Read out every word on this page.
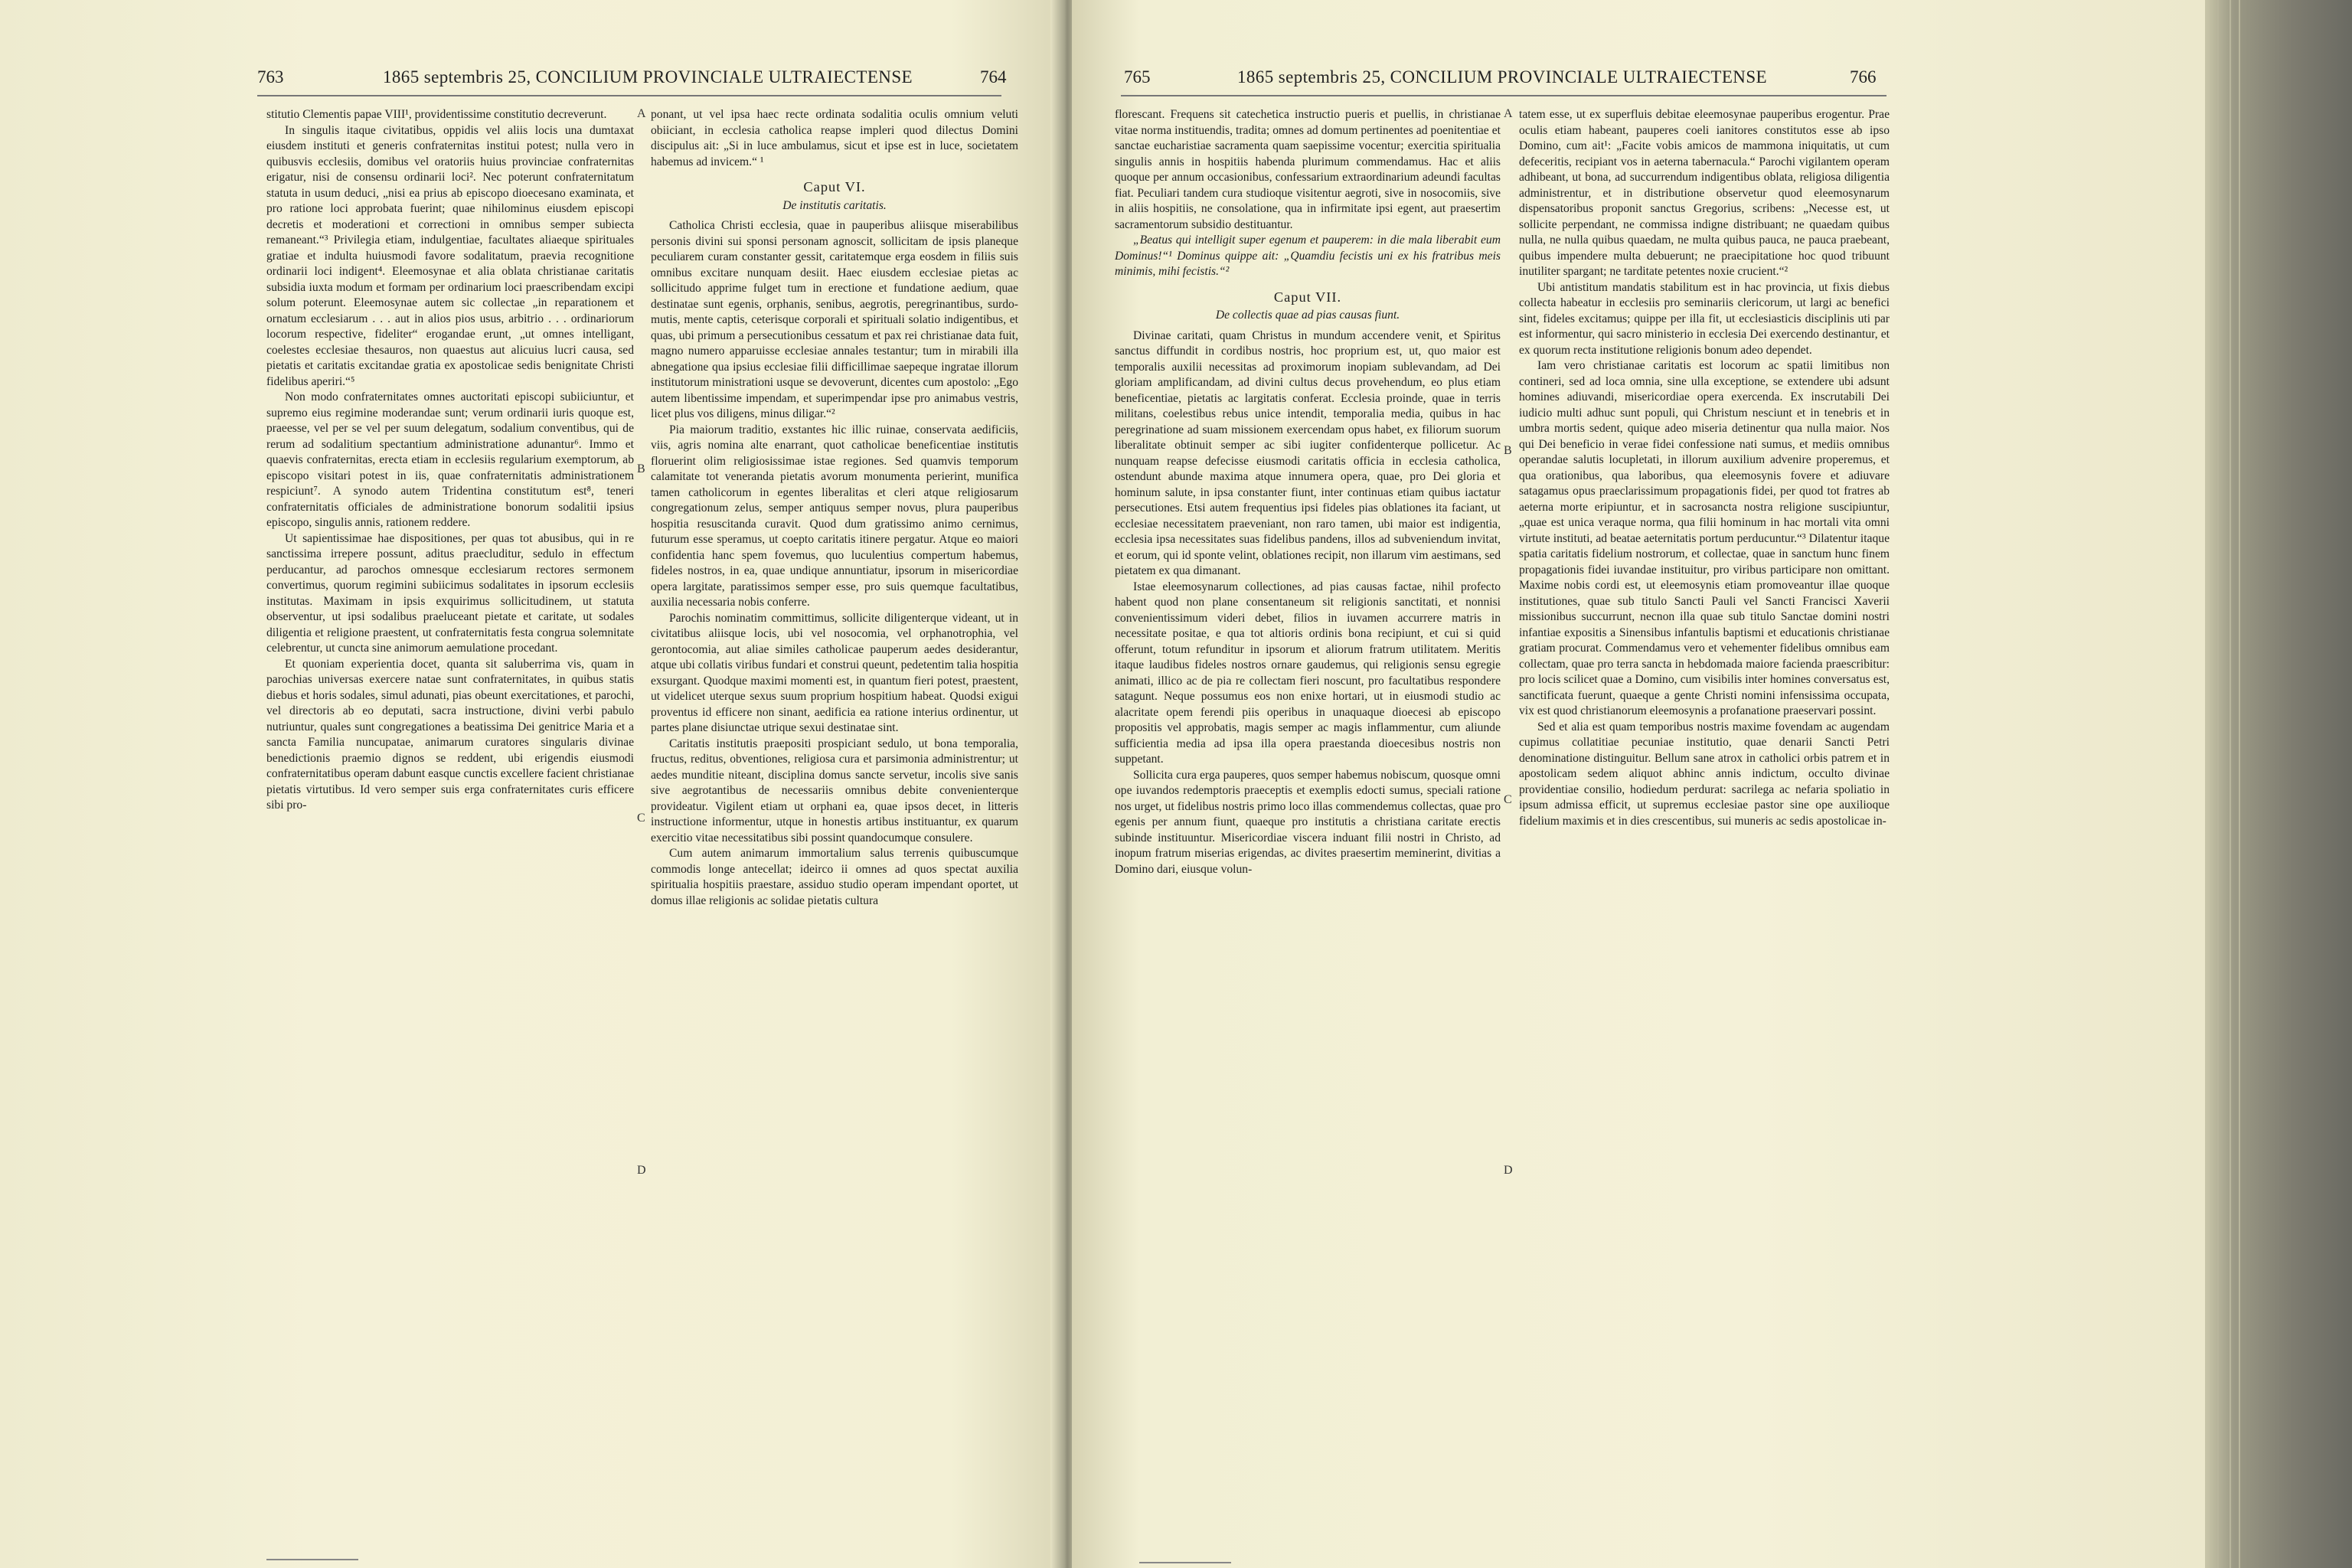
763	1865 septembris 25, CONCILIUM PROVINCIALE ULTRAIECTENSE	764

stitutio Clementis papae VIII¹, providentissime constitutio decreverunt.

In singulis itaque civitatibus, oppidis vel aliis locis una dumtaxat eiusdem instituti et generis confraternitas institui potest; nulla vero in quibusvis ecclesiis, domibus vel oratoriis huius provinciae confraternitas erigatur, nisi de consensu ordinarii loci². Nec poterunt confraternitatum statuta in usum deduci, „nisi ea prius ab episcopo dioecesano examinata, et pro ratione loci approbata fuerint; quae nihilominus eiusdem episcopi decretis et moderationi et correctioni in omnibus semper subiecta remaneant.“³ Privilegia etiam, indulgentiae, facultates aliaeque spirituales gratiae et indulta huiusmodi favore sodalitatum, praevia recognitione ordinarii loci indigent⁴. Eleemosynae et alia oblata christianae caritatis subsidia iuxta modum et formam per ordinarium loci praescribendam excipi solum poterunt. Eleemosynae autem sic collectae „in reparationem et ornatum ecclesiarum . . . aut in alios pios usus, arbitrio . . . ordinariorum locorum respective, fideliter“ erogandae erunt, „ut omnes intelligant, coelestes ecclesiae thesauros, non quaestus aut alicuius lucri causa, sed pietatis et caritatis excitandae gratia ex apostolicae sedis benignitate Christi fidelibus aperiri.“⁵

Non modo confraternitates omnes auctoritati episcopi subiiciuntur, et supremo eius regimine moderandae sunt; verum ordinarii iuris quoque est, praeesse, vel per se vel per suum delegatum, sodalium conventibus, qui de rerum ad sodalitium spectantium administratione adunantur⁶. Immo et quaevis confraternitas, erecta etiam in ecclesiis regularium exemptorum, ab episcopo visitari potest in iis, quae confraternitatis administrationem respiciunt⁷. A synodo autem Tridentina constitutum est⁸, teneri confraternitatis officiales de administratione bonorum sodalitii ipsius episcopo, singulis annis, rationem reddere.

Ut sapientissimae hae dispositiones, per quas tot abusibus, qui in re sanctissima irrepere possunt, aditus praecluditur, sedulo in effectum perducantur, ad parochos omnesque ecclesiarum rectores sermonem convertimus, quorum regimini subiicimus sodalitates in ipsorum ecclesiis institutas. Maximam in ipsis exquirimus sollicitudinem, ut statuta observentur, ut ipsi sodalibus praeluceant pietate et caritate, ut sodales diligentia et religione praestent, ut confraternitatis festa congrua solemnitate celebrentur, ut cuncta sine animorum aemulatione procedant.

Et quoniam experientia docet, quanta sit saluberrima vis, quam in parochias universas exercere natae sunt confraternitates, in quibus statis diebus et horis sodales, simul adunati, pias obeunt exercitationes, et parochi, vel directoris ab eo deputati, sacra instructione, divini verbi pabulo nutriuntur, quales sunt congregationes a beatissima Dei genitrice Maria et a sancta Familia nuncupatae, animarum curatores singularis divinae benedictionis praemio dignos se reddent, ubi erigendis eiusmodi confraternitatibus operam dabunt easque cunctis excellere facient christianae pietatis virtutibus. Id vero semper suis erga confraternitates curis efficere sibi pro-

A
B
C
D

ponant, ut vel ipsa haec recte ordinata sodalitia oculis omnium veluti obiiciant, in ecclesia catholica reapse impleri quod dilectus Domini discipulus ait: „Si in luce ambulamus, sicut et ipse est in luce, societatem habemus ad invicem.“ ¹

Caput VI.
De institutis caritatis.

Catholica Christi ecclesia, quae in pauperibus aliisque miserabilibus personis divini sui sponsi personam agnoscit, sollicitam de ipsis planeque peculiarem curam constanter gessit, caritatemque erga eosdem in filiis suis omnibus excitare nunquam desiit. Haec eiusdem ecclesiae pietas ac sollicitudo apprime fulget tum in erectione et fundatione aedium, quae destinatae sunt egenis, orphanis, senibus, aegrotis, peregrinantibus, surdo-mutis, mente captis, ceterisque corporali et spirituali solatio indigentibus, et quas, ubi primum a persecutionibus cessatum et pax rei christianae data fuit, magno numero apparuisse ecclesiae annales testantur; tum in mirabili illa abnegatione qua ipsius ecclesiae filii difficillimae saepeque ingratae illorum institutorum ministrationi usque se devoverunt, dicentes cum apostolo: „Ego autem libentissime impendam, et superimpendar ipse pro animabus vestris, licet plus vos diligens, minus diligar.“²

Pia maiorum traditio, exstantes hic illic ruinae, conservata aedificiis, viis, agris nomina alte enarrant, quot catholicae beneficentiae institutis floruerint olim religiosissimae istae regiones. Sed quamvis temporum calamitate tot veneranda pietatis avorum monumenta perierint, munifica tamen catholicorum in egentes liberalitas et cleri atque religiosarum congregationum zelus, semper antiquus semper novus, plura pauperibus hospitia resuscitanda curavit. Quod dum gratissimo animo cernimus, futurum esse speramus, ut coepto caritatis itinere pergatur. Atque eo maiori confidentia hanc spem fovemus, quo luculentius compertum habemus, fideles nostros, in ea, quae undique annuntiatur, ipsorum in misericordiae opera largitate, paratissimos semper esse, pro suis quemque facultatibus, auxilia necessaria nobis conferre.

Parochis nominatim committimus, sollicite diligenterque videant, ut in civitatibus aliisque locis, ubi vel nosocomia, vel orphanotrophia, vel gerontocomia, aut aliae similes catholicae pauperum aedes desiderantur, atque ubi collatis viribus fundari et construi queunt, pedetentim talia hospitia exsurgant. Quodque maximi momenti est, in quantum fieri potest, praestent, ut videlicet uterque sexus suum proprium hospitium habeat. Quodsi exigui proventus id efficere non sinant, aedificia ea ratione interius ordinentur, ut partes plane disiunctae utrique sexui destinatae sint.

Caritatis institutis praepositi prospiciant sedulo, ut bona temporalia, fructus, reditus, obventiones, religiosa cura et parsimonia administrentur; ut aedes munditie niteant, disciplina domus sancte servetur, incolis sive sanis sive aegrotantibus de necessariis omnibus debite convenienterque provideatur. Vigilent etiam ut orphani ea, quae ipsos decet, in litteris instructione informentur, utque in honestis artibus instituantur, ex quarum exercitio vitae necessitatibus sibi possint quandocumque consulere.

Cum autem animarum immortalium salus terrenis quibuscumque commodis longe antecellat; ideirco ii omnes ad quos spectat auxilia spiritualia hospitiis praestare, assiduo studio operam impendant oportet, ut domus illae religionis ac solidae pietatis cultura

765	1865 septembris 25, CONCILIUM PROVINCIALE ULTRAIECTENSE	766

florescant. Frequens sit catechetica instructio pueris et puellis, in christianae vitae norma instituendis, tradita; omnes ad domum pertinentes ad poenitentiae et sanctae eucharistiae sacramenta quam saepissime vocentur; exercitia spiritualia singulis annis in hospitiis habenda plurimum commendamus. Hac et aliis quoque per annum occasionibus, confessarium extraordinarium adeundi facultas fiat. Peculiari tandem cura studioque visitentur aegroti, sive in nosocomiis, sive in aliis hospitiis, ne consolatione, qua in infirmitate ipsi egent, aut praesertim sacramentorum subsidio destituantur.

„Beatus qui intelligit super egenum et pauperem: in die mala liberabit eum Dominus!“¹ Dominus quippe ait: „Quamdiu fecistis uni ex his fratribus meis minimis, mihi fecistis.“²

Caput VII.
De collectis quae ad pias causas fiunt.

Divinae caritati, quam Christus in mundum accendere venit, et Spiritus sanctus diffundit in cordibus nostris, hoc proprium est, ut, quo maior est temporalis auxilii necessitas ad proximorum inopiam sublevandam, ad Dei gloriam amplificandam, ad divini cultus decus provehendum, eo plus etiam beneficentiae, pietatis ac largitatis conferat. Ecclesia proinde, quae in terris militans, coelestibus rebus unice intendit, temporalia media, quibus in hac peregrinatione ad suam missionem exercendam opus habet, ex filiorum suorum liberalitate obtinuit semper ac sibi iugiter confidenterque pollicetur. Ac nunquam reapse defecisse eiusmodi caritatis officia in ecclesia catholica, ostendunt abunde maxima atque innumera opera, quae, pro Dei gloria et hominum salute, in ipsa constanter fiunt, inter continuas etiam quibus iactatur persecutiones. Etsi autem frequentius ipsi fideles pias oblationes ita faciant, ut ecclesiae necessitatem praeveniant, non raro tamen, ubi maior est indigentia, ecclesia ipsa necessitates suas fidelibus pandens, illos ad subveniendum invitat, et eorum, qui id sponte velint, oblationes recipit, non illarum vim aestimans, sed pietatem ex qua dimanant.

Istae eleemosynarum collectiones, ad pias causas factae, nihil profecto habent quod non plane consentaneum sit religionis sanctitati, et nonnisi convenientissimum videri debet, filios in iuvamen accurrere matris in necessitate positae, e qua tot altioris ordinis bona recipiunt, et cui si quid offerunt, totum refunditur in ipsorum et aliorum fratrum utilitatem. Meritis itaque laudibus fideles nostros ornare gaudemus, qui religionis sensu egregie animati, illico ac de pia re collectam fieri noscunt, pro facultatibus respondere satagunt. Neque possumus eos non enixe hortari, ut in eiusmodi studio ac alacritate opem ferendi piis operibus in unaquaque dioecesi ab episcopo propositis vel approbatis, magis semper ac magis inflammentur, cum aliunde sufficientia media ad ipsa illa opera praestanda dioecesibus nostris non suppetant.

Sollicita cura erga pauperes, quos semper habemus nobiscum, quosque omni ope iuvandos redemptoris praeceptis et exemplis edocti sumus, speciali ratione nos urget, ut fidelibus nostris primo loco illas commendemus collectas, quae pro egenis per annum fiunt, quaeque pro institutis a christiana caritate erectis subinde instituuntur. Misericordiae viscera induant filii nostri in Christo, ad inopum fratrum miserias erigendas, ac divites praesertim meminerint, divitias a Domino dari, eiusque volun-

A
B
C
D

tatem esse, ut ex superfluis debitae eleemosynae pauperibus erogentur. Prae oculis etiam habeant, pauperes coeli ianitores constitutos esse ab ipso Domino, cum ait¹: „Facite vobis amicos de mammona iniquitatis, ut cum defeceritis, recipiant vos in aeterna tabernacula.“ Parochi vigilantem operam adhibeant, ut bona, ad succurrendum indigentibus oblata, religiosa diligentia administrentur, et in distributione observetur quod eleemosynarum dispensatoribus proponit sanctus Gregorius, scribens: „Necesse est, ut sollicite perpendant, ne commissa indigne distribuant; ne quaedam quibus nulla, ne nulla quibus quaedam, ne multa quibus pauca, ne pauca praebeant, quibus impendere multa debuerunt; ne praecipitatione hoc quod tribuunt inutiliter spargant; ne tarditate petentes noxie crucient.“²

Ubi antistitum mandatis stabilitum est in hac provincia, ut fixis diebus collecta habeatur in ecclesiis pro seminariis clericorum, ut largi ac benefici sint, fideles excitamus; quippe per illa fit, ut ecclesiasticis disciplinis uti par est informentur, qui sacro ministerio in ecclesia Dei exercendo destinantur, et ex quorum recta institutione religionis bonum adeo dependet.

Iam vero christianae caritatis est locorum ac spatii limitibus non contineri, sed ad loca omnia, sine ulla exceptione, se extendere ubi adsunt homines adiuvandi, misericordiae opera exercenda. Ex inscrutabili Dei iudicio multi adhuc sunt populi, qui Christum nesciunt et in tenebris et in umbra mortis sedent, quique adeo miseria detinentur qua nulla maior. Nos qui Dei beneficio in verae fidei confessione nati sumus, et mediis omnibus operandae salutis locupletati, in illorum auxilium advenire properemus, et qua orationibus, qua laboribus, qua eleemosynis fovere et adiuvare satagamus opus praeclarissimum propagationis fidei, per quod tot fratres ab aeterna morte eripiuntur, et in sacrosancta nostra religione suscipiuntur, „quae est unica veraque norma, qua filii hominum in hac mortali vita omni virtute instituti, ad beatae aeternitatis portum perducuntur.“³ Dilatentur itaque spatia caritatis fidelium nostrorum, et collectae, quae in sanctum hunc finem propagationis fidei iuvandae instituitur, pro viribus participare non omittant. Maxime nobis cordi est, ut eleemosynis etiam promoveantur illae quoque institutiones, quae sub titulo Sancti Pauli vel Sancti Francisci Xaverii missionibus succurrunt, necnon illa quae sub titulo Sanctae domini nostri infantiae expositis a Sinensibus infantulis baptismi et educationis christianae gratiam procurat. Commendamus vero et vehementer fidelibus omnibus eam collectam, quae pro terra sancta in hebdomada maiore facienda praescribitur: pro locis scilicet quae a Domino, cum visibilis inter homines conversatus est, sanctificata fuerunt, quaeque a gente Christi nomini infensissima occupata, vix est quod christianorum eleemosynis a profanatione praeservari possint.

Sed et alia est quam temporibus nostris maxime fovendam ac augendam cupimus collatitiae pecuniae institutio, quae denarii Sancti Petri denominatione distinguitur. Bellum sane atrox in catholici orbis patrem et in apostolicam sedem aliquot abhinc annis indictum, occulto divinae providentiae consilio, hodiedum perdurat: sacrilega ac nefaria spoliatio in ipsum admissa efficit, ut supremus ecclesiae pastor sine ope auxilioque fidelium maximis et in dies crescentibus, sui muneris ac sedis apostolicae in-
